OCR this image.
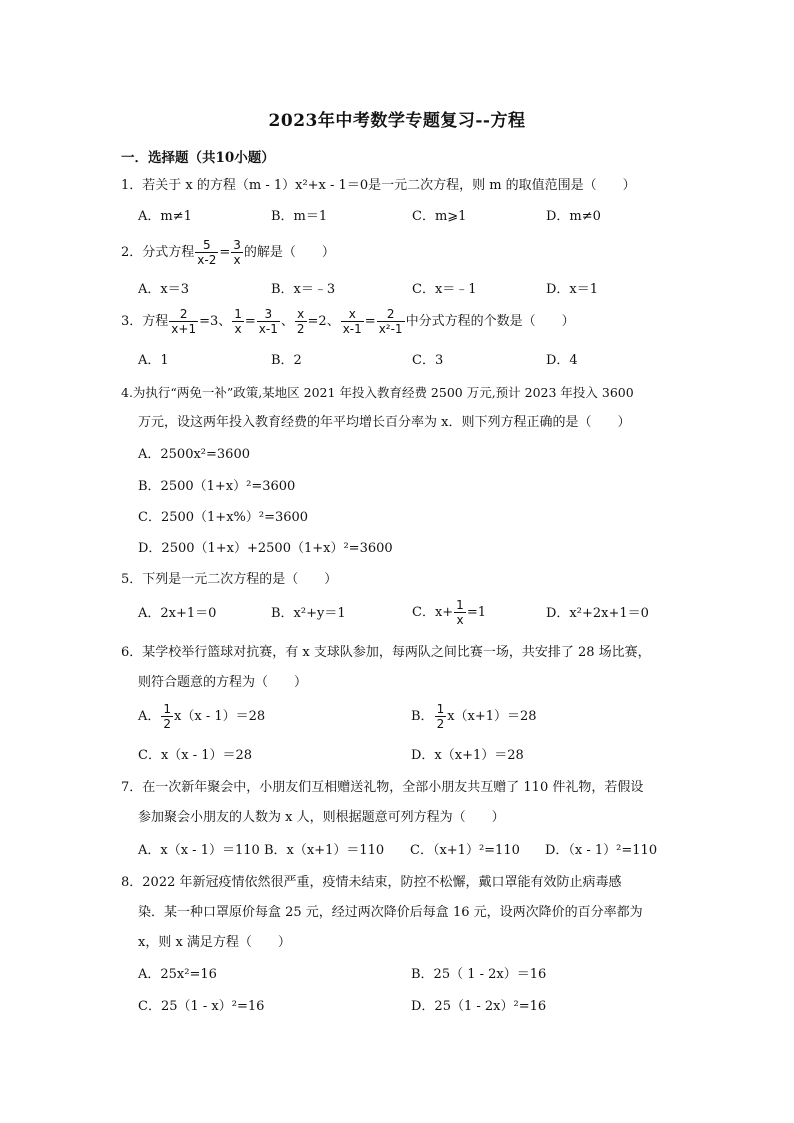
2023年中考数学专题复习--方程
一．选择题（共10小题）
1．若关于 x 的方程（m - 1）x²+x - 1＝0是一元二次方程，则 m 的取值范围是（　　）
A．m≠1	B．m＝1	C．m⩾1	D．m≠0
2．分式方程 $\frac{5}{x-2} = \frac{3}{x}$ 的解是（　　）
A．x＝3	B．x＝﹣3	C．x＝﹣1	D．x＝1
3．方程 $\frac{2}{x+1} =3$、 $\frac{1}{x} = \frac{3}{x-1}$ 、 $\frac{x}{2} =2$、 $\frac{x}{x-1} = \frac{2}{\text{x²-1}}$ 中分式方程的个数是（　　）
A．1	B．2	C．3	D．4
4.为执行“两免一补”政策,某地区 2021 年投入教育经费 2500 万元,预计 2023 年投入 3600
万元，设这两年投入教育经费的年平均增长百分率为 x．则下列方程正确的是（　　）
A．2500x²=3600
B．2500（1+x）²=3600
C．2500（1+x%）²=3600
D．2500（1+x）+2500（1+x）²=3600
5．下列是一元二次方程的是（　　）
A．2x+1＝0	B．x²+y＝1	C．$x+ \frac{1}{x} =1$	D．x²+2x+1＝0
6．某学校举行篮球对抗赛，有 x 支球队参加，每两队之间比赛一场，共安排了 28 场比赛，
则符合题意的方程为（　　）
A． $\frac{1}{2} x(x - 1)=28$	B． $\frac{1}{2} x(x+1)=28$
C．x（x - 1）＝28	D．x（x+1）＝28
7．在一次新年聚会中，小朋友们互相赠送礼物，全部小朋友共互赠了 110 件礼物，若假设
参加聚会小朋友的人数为 x 人，则根据题意可列方程为（　　）
A．x（x - 1）＝110 B．x（x+1）＝110 C．（x+1）²=110 D．（x - 1）²=110
8．2022 年新冠疫情依然很严重，疫情未结束，防控不松懈，戴口罩能有效防止病毒感
染．某一种口罩原价每盒 25 元，经过两次降价后每盒 16 元，设两次降价的百分率都为
x，则 x 满足方程（　　）
A．25x²=16	B．25（ 1 - 2x）＝16
C．25（1 - x）²=16	D．25（1 - 2x）²=16
